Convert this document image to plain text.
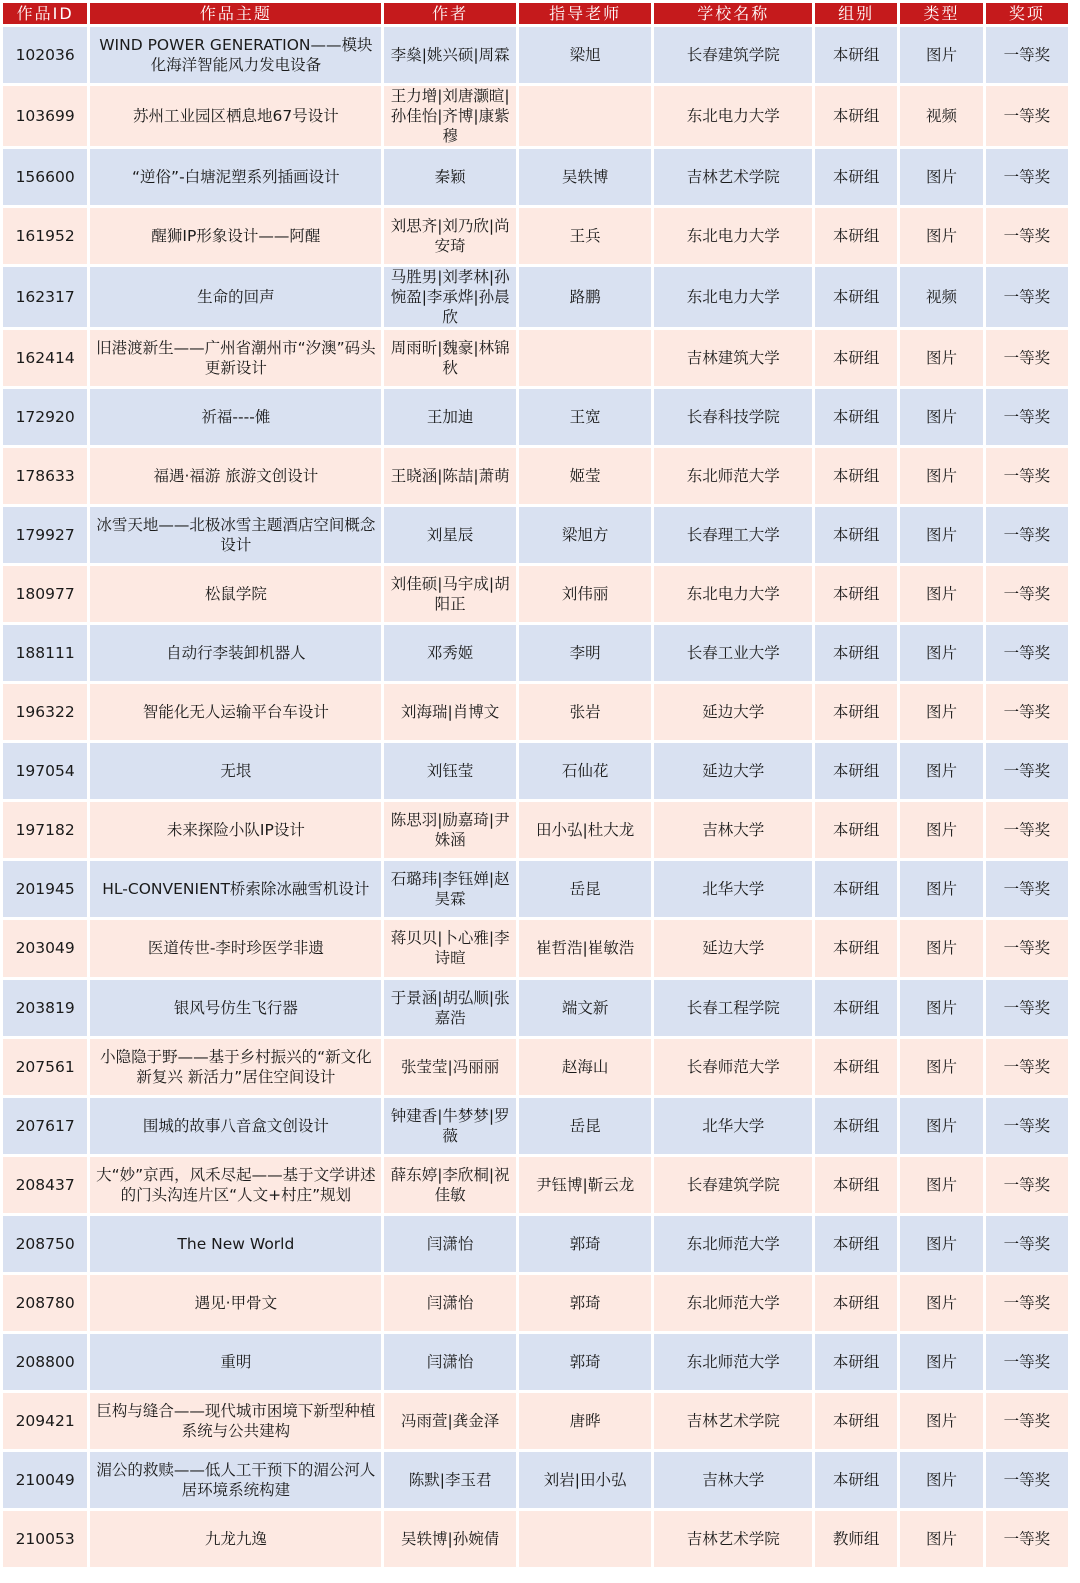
作品ID	作品主题	作者	指导老师	学校名称	组别	类型	奖项
102036	WIND POWER GENERATION——模块化海洋智能风力发电设备	李燊|姚兴硕|周霖	梁旭	长春建筑学院	本研组	图片	一等奖
103699	苏州工业园区栖息地67号设计	王力增|刘唐灏暄|孙佳怡|齐博|康紫穆		东北电力大学	本研组	视频	一等奖
156600	“逆俗”-白塘泥塑系列插画设计	秦颖	吴轶博	吉林艺术学院	本研组	图片	一等奖
161952	醒狮IP形象设计——阿醒	刘思齐|刘乃欣|尚安琦	王兵	东北电力大学	本研组	图片	一等奖
162317	生命的回声	马胜男|刘孝林|孙惋盈|李承烨|孙晨欣	路鹏	东北电力大学	本研组	视频	一等奖
162414	旧港渡新生——广州省潮州市“汐澳”码头更新设计	周雨昕|魏豪|林锦秋		吉林建筑大学	本研组	图片	一等奖
172920	祈福----傩	王加迪	王宽	长春科技学院	本研组	图片	一等奖
178633	福遇·福游 旅游文创设计	王晓涵|陈喆|萧萌	姬莹	东北师范大学	本研组	图片	一等奖
179927	冰雪天地——北极冰雪主题酒店空间概念设计	刘星辰	梁旭方	长春理工大学	本研组	图片	一等奖
180977	松鼠学院	刘佳硕|马宇成|胡阳正	刘伟丽	东北电力大学	本研组	图片	一等奖
188111	自动行李装卸机器人	邓秀姬	李明	长春工业大学	本研组	图片	一等奖
196322	智能化无人运输平台车设计	刘海瑞|肖博文	张岩	延边大学	本研组	图片	一等奖
197054	无垠	刘钰莹	石仙花	延边大学	本研组	图片	一等奖
197182	未来探险小队IP设计	陈思羽|励嘉琦|尹姝涵	田小弘|杜大龙	吉林大学	本研组	图片	一等奖
201945	HL-CONVENIENT桥索除冰融雪机设计	石璐玮|李钰婵|赵昊霖	岳昆	北华大学	本研组	图片	一等奖
203049	医道传世-李时珍医学非遗	蒋贝贝|卜心雅|李诗暄	崔哲浩|崔敏浩	延边大学	本研组	图片	一等奖
203819	银风号仿生飞行器	于景涵|胡弘顺|张嘉浩	端文新	长春工程学院	本研组	图片	一等奖
207561	小隐隐于野——基于乡村振兴的“新文化 新复兴 新活力”居住空间设计	张莹莹|冯丽丽	赵海山	长春师范大学	本研组	图片	一等奖
207617	围城的故事八音盒文创设计	钟建香|牛梦梦|罗薇	岳昆	北华大学	本研组	图片	一等奖
208437	大“妙”京西，风禾尽起——基于文学讲述的门头沟连片区“人文+村庄”规划	薛东婷|李欣桐|祝佳敏	尹钰博|靳云龙	长春建筑学院	本研组	图片	一等奖
208750	The New World	闫潇怡	郭琦	东北师范大学	本研组	图片	一等奖
208780	遇见·甲骨文	闫潇怡	郭琦	东北师范大学	本研组	图片	一等奖
208800	重明	闫潇怡	郭琦	东北师范大学	本研组	图片	一等奖
209421	巨构与缝合——现代城市困境下新型种植系统与公共建构	冯雨萱|龚金泽	唐晔	吉林艺术学院	本研组	图片	一等奖
210049	湄公的救赎——低人工干预下的湄公河人居环境系统构建	陈默|李玉君	刘岩|田小弘	吉林大学	本研组	图片	一等奖
210053	九龙九逸	吴轶博|孙婉倩		吉林艺术学院	教师组	图片	一等奖
